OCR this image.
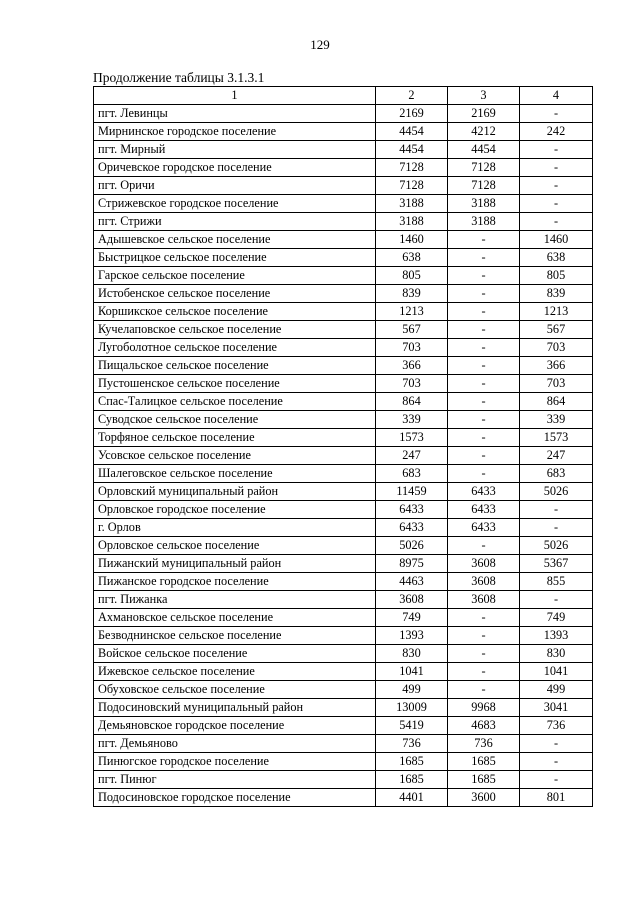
129
Продолжение таблицы 3.1.3.1
1	2	3	4
пгт. Левинцы	2169	2169	-
Мирнинское городское поселение	4454	4212	242
пгт. Мирный	4454	4454	-
Оричевское городское поселение	7128	7128	-
пгт. Оричи	7128	7128	-
Стрижевское городское поселение	3188	3188	-
пгт. Стрижи	3188	3188	-
Адышевское сельское поселение	1460	-	1460
Быстрицкое сельское поселение	638	-	638
Гарское сельское поселение	805	-	805
Истобенское сельское поселение	839	-	839
Коршикское сельское поселение	1213	-	1213
Кучелаповское сельское поселение	567	-	567
Лугоболотное сельское поселение	703	-	703
Пищальское сельское поселение	366	-	366
Пустошенское сельское поселение	703	-	703
Спас-Талицкое сельское поселение	864	-	864
Суводское сельское поселение	339	-	339
Торфяное сельское поселение	1573	-	1573
Усовское сельское поселение	247	-	247
Шалеговское сельское поселение	683	-	683
Орловский муниципальный район	11459	6433	5026
Орловское городское поселение	6433	6433	-
г. Орлов	6433	6433	-
Орловское сельское поселение	5026	-	5026
Пижанский муниципальный район	8975	3608	5367
Пижанское городское поселение	4463	3608	855
пгт. Пижанка	3608	3608	-
Ахмановское сельское поселение	749	-	749
Безводнинское сельское поселение	1393	-	1393
Войское сельское поселение	830	-	830
Ижевское сельское поселение	1041	-	1041
Обуховское сельское поселение	499	-	499
Подосиновский муниципальный район	13009	9968	3041
Демьяновское городское поселение	5419	4683	736
пгт. Демьяново	736	736	-
Пинюгское городское поселение	1685	1685	-
пгт. Пинюг	1685	1685	-
Подосиновское городское поселение	4401	3600	801
